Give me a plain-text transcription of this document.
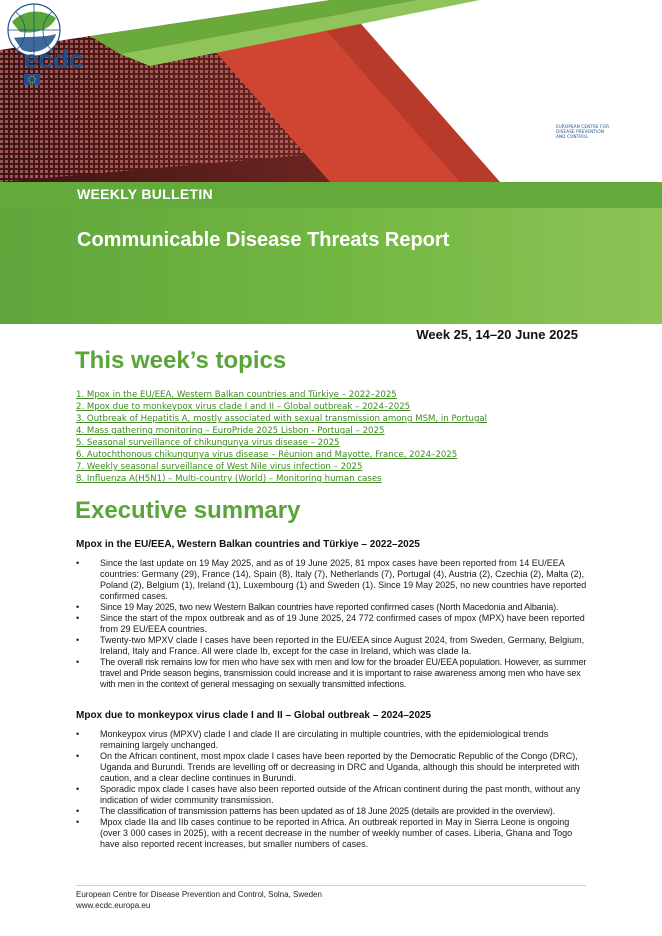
ecdc
EUROPEAN CENTRE FOR
DISEASE PREVENTION
AND CONTROL
WEEKLY BULLETIN
Communicable Disease Threats Report
Week 25, 14–20 June 2025
This week’s topics
1. Mpox in the EU/EEA, Western Balkan countries and Türkiye – 2022–2025
2. Mpox due to monkeypox virus clade I and II – Global outbreak – 2024–2025
3. Outbreak of Hepatitis A, mostly associated with sexual transmission among MSM, in Portugal
4. Mass gathering monitoring – EuroPride 2025 Lisbon - Portugal – 2025
5. Seasonal surveillance of chikungunya virus disease – 2025
6. Autochthonous chikungunya virus disease – Réunion and Mayotte, France, 2024–2025
7. Weekly seasonal surveillance of West Nile virus infection – 2025
8. Influenza A(H5N1) – Multi-country (World) – Monitoring human cases
Executive summary
Mpox in the EU/EEA, Western Balkan countries and Türkiye – 2022–2025
• Since the last update on 19 May 2025, and as of 19 June 2025, 81 mpox cases have been reported from 14 EU/EEA countries: Germany (29), France (14), Spain (8), Italy (7), Netherlands (7), Portugal (4), Austria (2), Czechia (2), Malta (2), Poland (2), Belgium (1), Ireland (1), Luxembourg (1) and Sweden (1). Since 19 May 2025, no new countries have reported confirmed cases.
• Since 19 May 2025, two new Western Balkan countries have reported confirmed cases (North Macedonia and Albania).
• Since the start of the mpox outbreak and as of 19 June 2025, 24 772 confirmed cases of mpox (MPX) have been reported from 29 EU/EEA countries.
• Twenty-two MPXV clade I cases have been reported in the EU/EEA since August 2024, from Sweden, Germany, Belgium, Ireland, Italy and France. All were clade Ib, except for the case in Ireland, which was clade Ia.
• The overall risk remains low for men who have sex with men and low for the broader EU/EEA population. However, as summer travel and Pride season begins, transmission could increase and it is important to raise awareness among men who have sex with men in the context of general messaging on sexually transmitted infections.
Mpox due to monkeypox virus clade I and II – Global outbreak – 2024–2025
• Monkeypox virus (MPXV) clade I and clade II are circulating in multiple countries, with the epidemiological trends remaining largely unchanged.
• On the African continent, most mpox clade I cases have been reported by the Democratic Republic of the Congo (DRC), Uganda and Burundi. Trends are levelling off or decreasing in DRC and Uganda, although this should be interpreted with caution, and a clear decline continues in Burundi.
• Sporadic mpox clade I cases have also been reported outside of the African continent during the past month, without any indication of wider community transmission.
• The classification of transmission patterns has been updated as of 18 June 2025 (details are provided in the overview).
• Mpox clade IIa and IIb cases continue to be reported in Africa. An outbreak reported in May in Sierra Leone is ongoing (over 3 000 cases in 2025), with a recent decrease in the number of weekly number of cases. Liberia, Ghana and Togo have also reported recent increases, but smaller numbers of cases.
European Centre for Disease Prevention and Control, Solna, Sweden
www.ecdc.europa.eu
